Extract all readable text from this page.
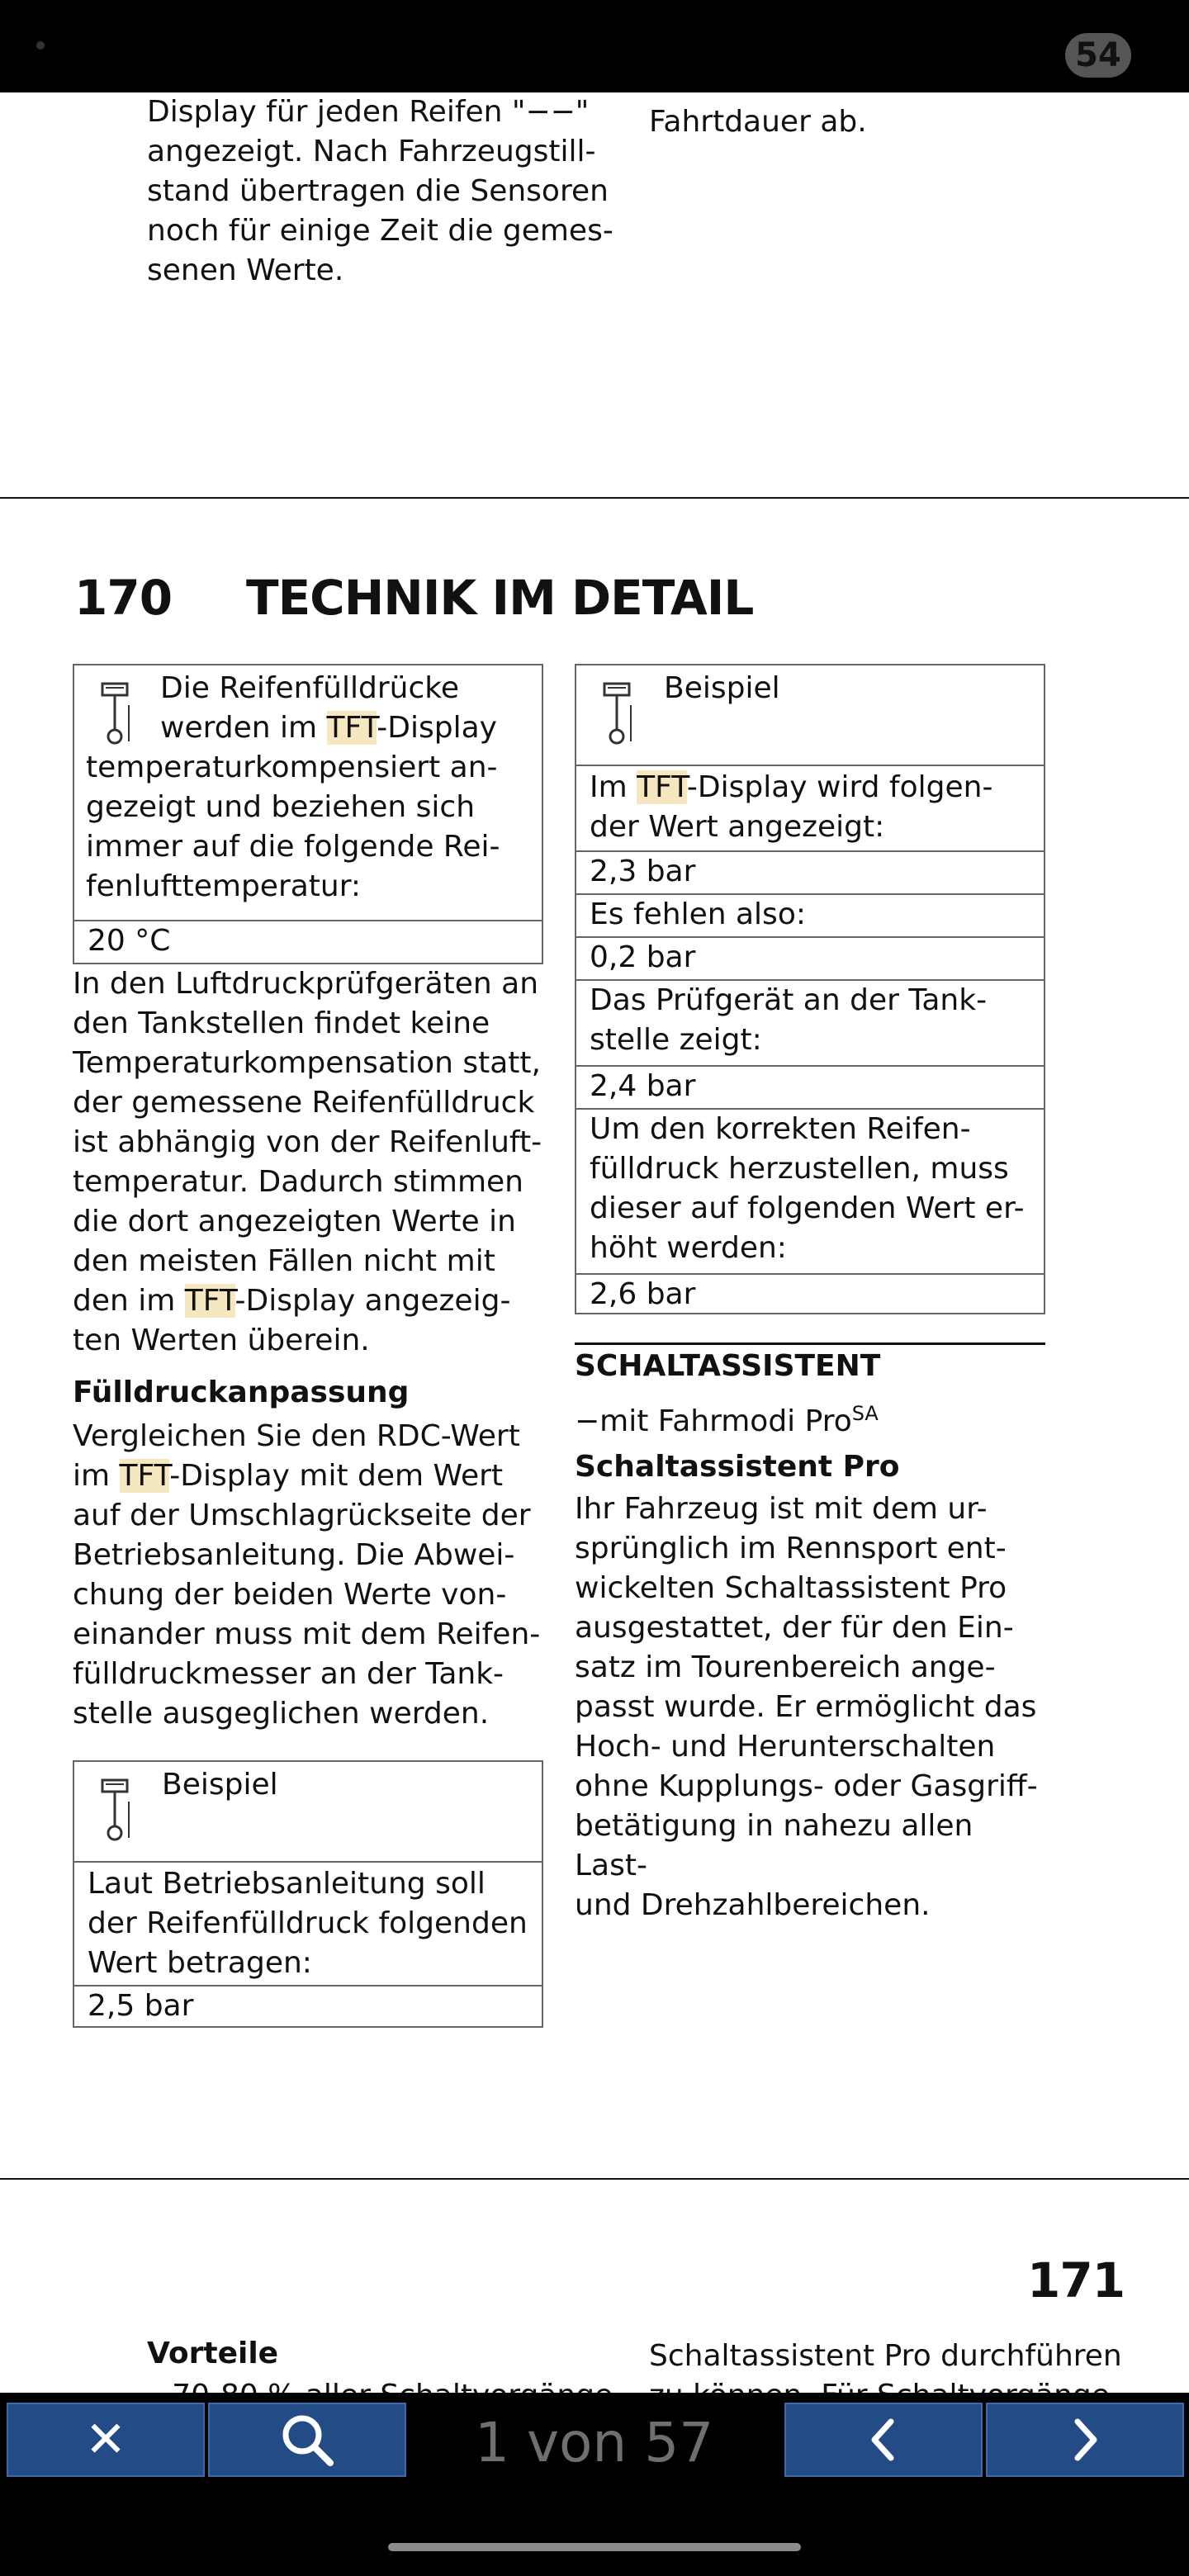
54
Display für jeden Reifen "−−"
angezeigt. Nach Fahrzeugstill-
stand übertragen die Sensoren
noch für einige Zeit die gemes-
senen Werte.
Fahrtdauer ab.
170 TECHNIK IM DETAIL
Die Reifenfülldrücke
werden im TFT-Display
temperaturkompensiert an-
gezeigt und beziehen sich
immer auf die folgende Rei-
fenlufttemperatur:
20 °C
In den Luftdruckprüfgeräten an
den Tankstellen findet keine
Temperaturkompensation statt,
der gemessene Reifenfülldruck
ist abhängig von der Reifenluft-
temperatur. Dadurch stimmen
die dort angezeigten Werte in
den meisten Fällen nicht mit
den im TFT-Display angezeig-
ten Werten überein.
Fülldruckanpassung
Vergleichen Sie den RDC-Wert
im TFT-Display mit dem Wert
auf der Umschlagrückseite der
Betriebsanleitung. Die Abwei-
chung der beiden Werte von-
einander muss mit dem Reifen-
fülldruckmesser an der Tank-
stelle ausgeglichen werden.
Beispiel
Laut Betriebsanleitung soll
der Reifenfülldruck folgenden
Wert betragen:
2,5 bar
Beispiel
Im TFT-Display wird folgen-
der Wert angezeigt:
2,3 bar
Es fehlen also:
0,2 bar
Das Prüfgerät an der Tank-
stelle zeigt:
2,4 bar
Um den korrekten Reifen-
fülldruck herzustellen, muss
dieser auf folgenden Wert er-
höht werden:
2,6 bar
SCHALTASSISTENT
−mit Fahrmodi Pro$^{SA}$
Schaltassistent Pro
Ihr Fahrzeug ist mit dem ur-
sprünglich im Rennsport ent-
wickelten Schaltassistent Pro
ausgestattet, der für den Ein-
satz im Tourenbereich ange-
passt wurde. Er ermöglicht das
Hoch- und Herunterschalten
ohne Kupplungs- oder Gasgriff-
betätigung in nahezu allen Last-
und Drehzahlbereichen.
171
Vorteile	Schaltassistent Pro durchführen

✕	1 von 57
